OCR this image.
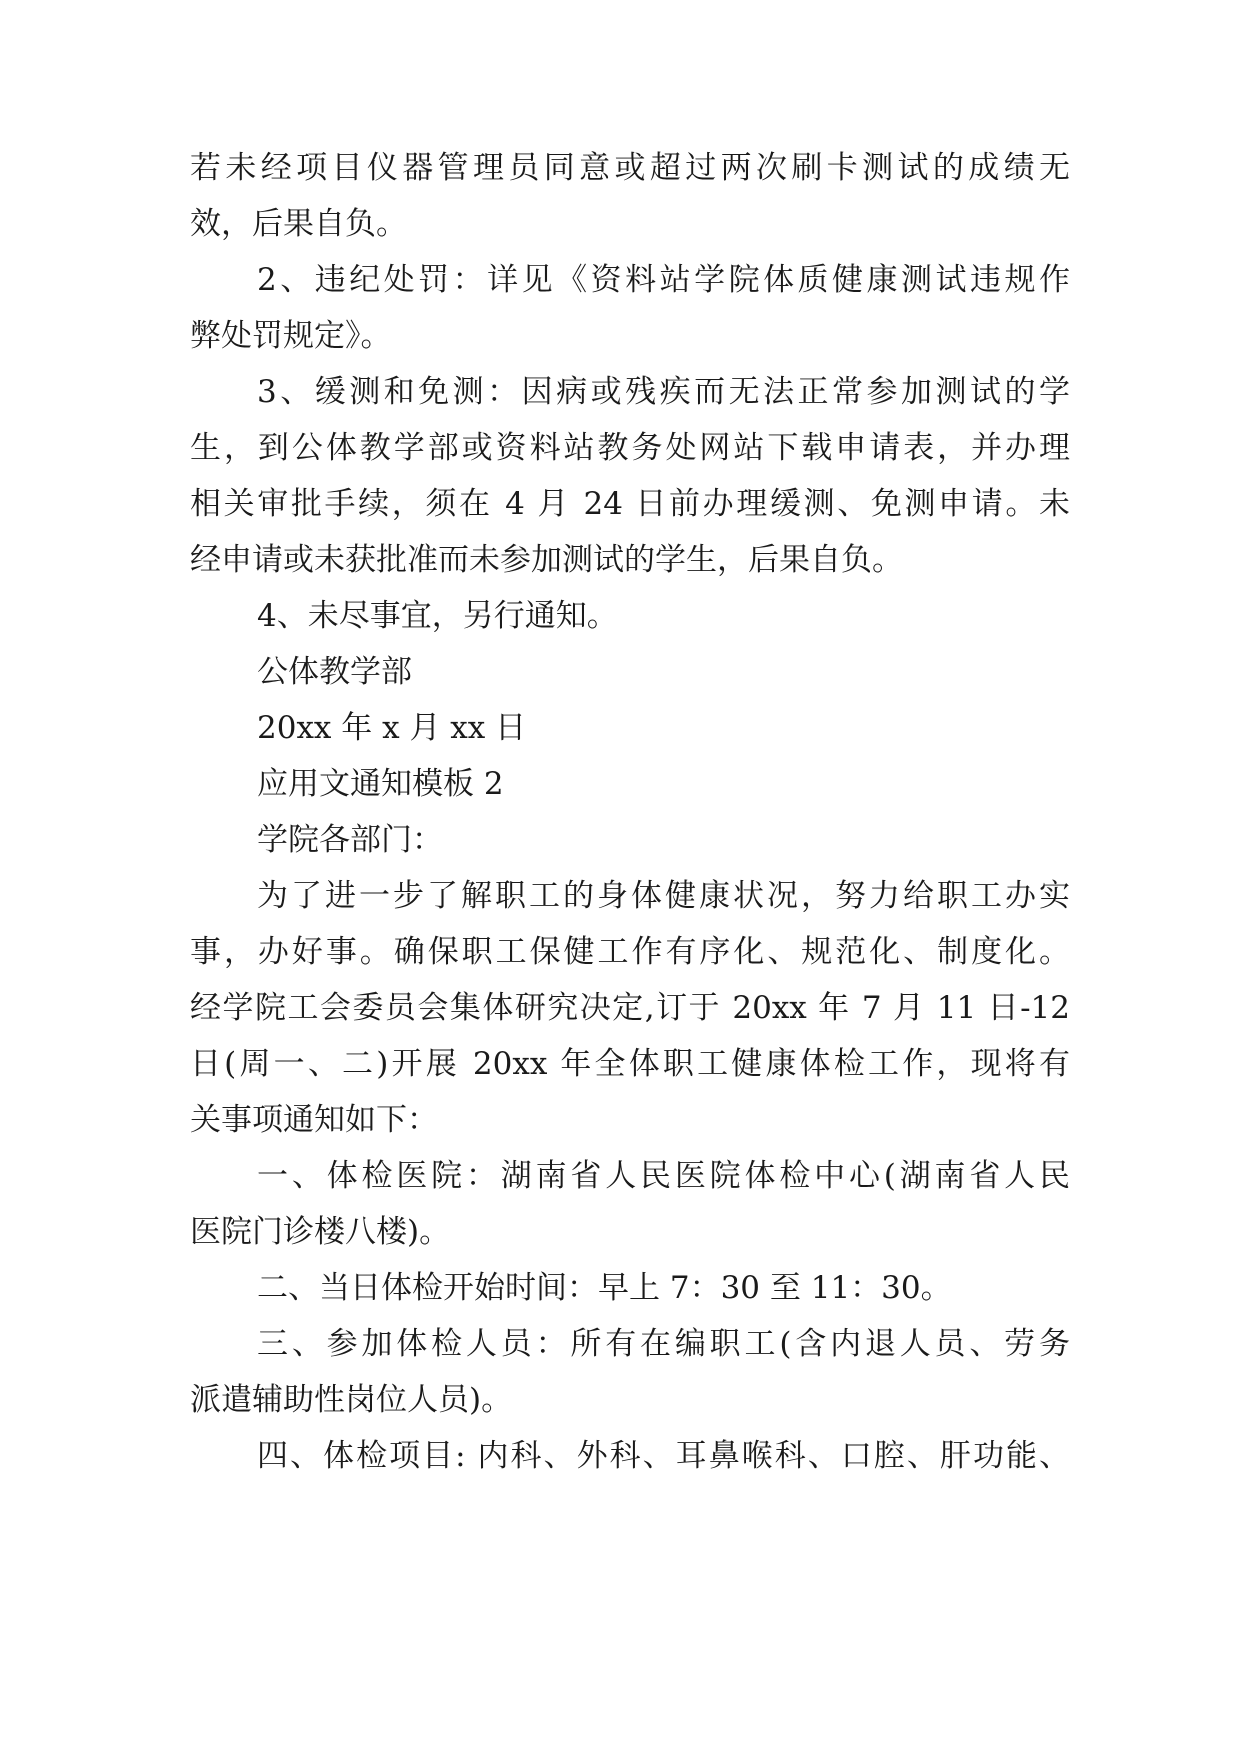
若未经项目仪器管理员同意或超过两次刷卡测试的成绩无

效，后果自负。

2、违纪处罚：详见《资料站学院体质健康测试违规作

弊处罚规定》。

3、缓测和免测：因病或残疾而无法正常参加测试的学

生，到公体教学部或资料站教务处网站下载申请表，并办理

相关审批手续，须在 4 月 24 日前办理缓测、免测申请。未

经申请或未获批准而未参加测试的学生，后果自负。

4、未尽事宜，另行通知。

公体教学部

20xx 年 x 月 xx 日

应用文通知模板 2

学院各部门：

为了进一步了解职工的身体健康状况，努力给职工办实

事，办好事。确保职工保健工作有序化、规范化、制度化。

经学院工会委员会集体研究决定,订于 20xx 年 7 月 11 日-12

日(周一、二)开展 20xx 年全体职工健康体检工作，现将有

关事项通知如下：

一、体检医院：湖南省人民医院体检中心(湖南省人民

医院门诊楼八楼)。

二、当日体检开始时间：早上 7：30 至 11：30。

三、参加体检人员：所有在编职工(含内退人员、劳务

派遣辅助性岗位人员)。

四、体检项目: 内科、外科、耳鼻喉科、口腔、肝功能、
